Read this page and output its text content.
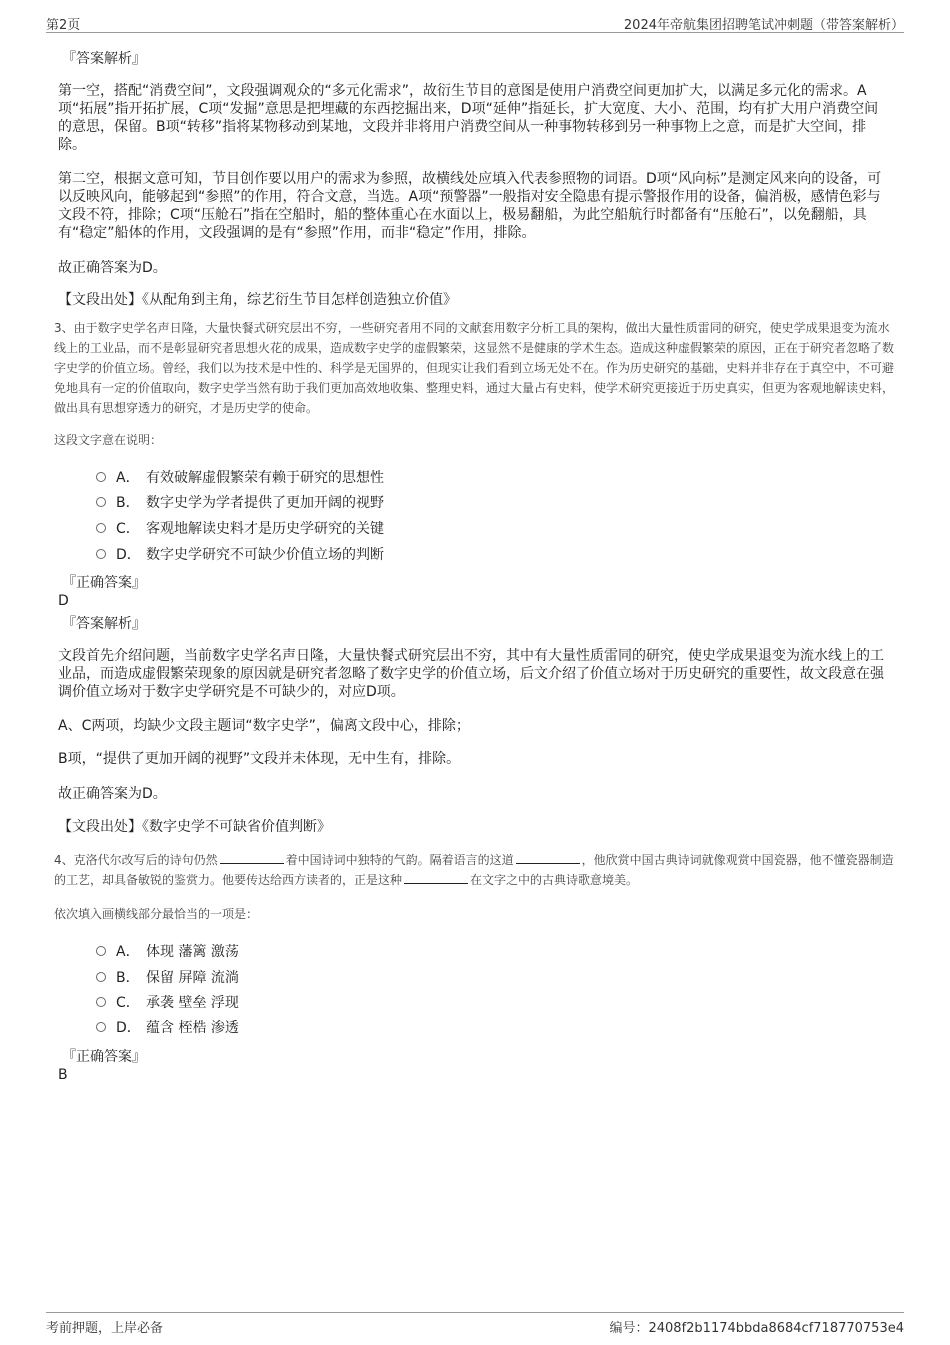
第2页	2024年帝航集团招聘笔试冲刺题（带答案解析）
『答案解析』
第一空，搭配“消费空间”，文段强调观众的“多元化需求”，故衍生节目的意图是使用户消费空间更加扩大，以满足多元化的需求。A项“拓展”指开拓扩展，C项“发掘”意思是把埋藏的东西挖掘出来，D项“延伸”指延长，扩大宽度、大小、范围，均有扩大用户消费空间的意思，保留。B项“转移”指将某物移动到某地，文段并非将用户消费空间从一种事物转移到另一种事物上之意，而是扩大空间，排除。
第二空，根据文意可知，节目创作要以用户的需求为参照，故横线处应填入代表参照物的词语。D项“风向标”是测定风来向的设备，可以反映风向，能够起到“参照”的作用，符合文意，当选。A项“预警器”一般指对安全隐患有提示警报作用的设备，偏消极，感情色彩与文段不符，排除；C项“压舱石”指在空船时，船的整体重心在水面以上，极易翻船，为此空船航行时都备有“压舱石”，以免翻船，具有“稳定”船体的作用，文段强调的是有“参照”作用，而非“稳定”作用，排除。
故正确答案为D。
【文段出处】《从配角到主角，综艺衍生节目怎样创造独立价值》
3、由于数字史学名声日隆，大量快餐式研究层出不穷，一些研究者用不同的文献套用数字分析工具的架构，做出大量性质雷同的研究，使史学成果退变为流水线上的工业品，而不是彰显研究者思想火花的成果，造成数字史学的虚假繁荣，这显然不是健康的学术生态。造成这种虚假繁荣的原因，正在于研究者忽略了数字史学的价值立场。曾经，我们以为技术是中性的、科学是无国界的，但现实让我们看到立场无处不在。作为历史研究的基础，史料并非存在于真空中，不可避免地具有一定的价值取向，数字史学当然有助于我们更加高效地收集、整理史料，通过大量占有史料，使学术研究更接近于历史真实，但更为客观地解读史料，做出具有思想穿透力的研究，才是历史学的使命。
这段文字意在说明：
A． 有效破解虚假繁荣有赖于研究的思想性
B． 数字史学为学者提供了更加开阔的视野
C． 客观地解读史料才是历史学研究的关键
D． 数字史学研究不可缺少价值立场的判断
『正确答案』
D
『答案解析』
文段首先介绍问题，当前数字史学名声日隆，大量快餐式研究层出不穷，其中有大量性质雷同的研究，使史学成果退变为流水线上的工业品，而造成虚假繁荣现象的原因就是研究者忽略了数字史学的价值立场，后文介绍了价值立场对于历史研究的重要性，故文段意在强调价值立场对于数字史学研究是不可缺少的，对应D项。
A、C两项，均缺少文段主题词“数字史学”，偏离文段中心，排除；
B项，“提供了更加开阔的视野”文段并未体现，无中生有，排除。
故正确答案为D。
【文段出处】《数字史学不可缺省价值判断》
4、克洛代尔改写后的诗句仍然	着中国诗词中独特的气韵。隔着语言的这道	，他欣赏中国古典诗词就像观赏中国瓷器，他不懂瓷器制造的工艺，却具备敏锐的鉴赏力。他要传达给西方读者的，正是这种	在文字之中的古典诗歌意境美。
依次填入画横线部分最恰当的一项是：
A． 体现 藩篱 激荡
B． 保留 屏障 流淌
C． 承袭 壁垒 浮现
D． 蕴含 桎梏 渗透
『正确答案』
B
考前押题，上岸必备	编号：2408f2b1174bbda8684cf718770753e4
